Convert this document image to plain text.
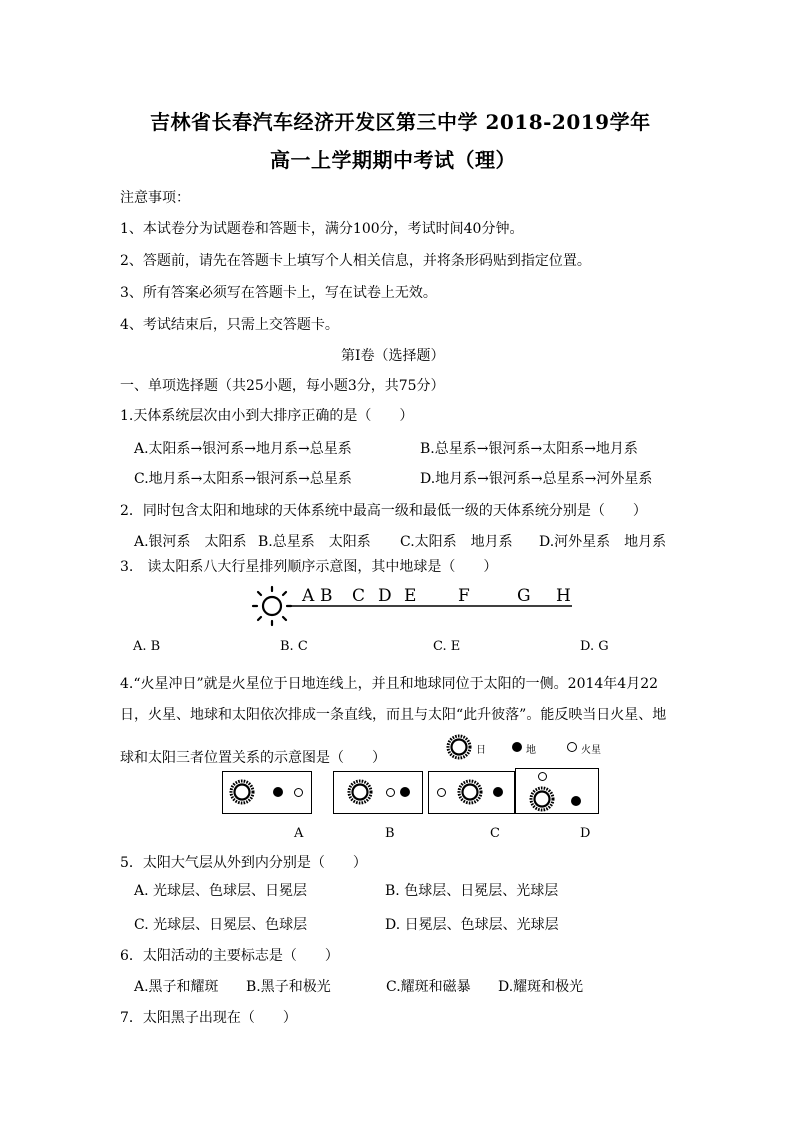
吉林省长春汽车经济开发区第三中学 2018-2019学年
高一上学期期中考试（理）
注意事项：
1、本试卷分为试题卷和答题卡，满分100分，考试时间40分钟。
2、答题前，请先在答题卡上填写个人相关信息，并将条形码贴到指定位置。
3、所有答案必须写在答题卡上，写在试卷上无效。
4、考试结束后，只需上交答题卡。
第Ⅰ卷（选择题）
一、单项选择题（共25小题，每小题3分，共75分）
1.天体系统层次由小到大排序正确的是（　　）
A.太阳系→银河系→地月系→总星系	B.总星系→银河系→太阳系→地月系
C.地月系→太阳系→银河系→总星系	D.地月系→银河系→总星系→河外星系
2．同时包含太阳和地球的天体系统中最高一级和最低一级的天体系统分别是（　　）
A.银河系　太阳系 B.总星系　太阳系 C.太阳系　地月系 D.河外星系　地月系
3.　读太阳系八大行星排列顺序示意图，其中地球是（　　）
A B C D E F	G H
A. B	B. C	C. E	D. G
4.“火星冲日”就是火星位于日地连线上，并且和地球同位于太阳的一侧。2014年4月22
日，火星、地球和太阳依次排成一条直线，而且与太阳“此升彼落”。能反映当日火星、地
球和太阳三者位置关系的示意图是（　　）	日	地	火星
A	B	C	D
5．太阳大气层从外到内分别是（　　）
A. 光球层、色球层、日冕层	B. 色球层、日冕层、光球层
C. 光球层、日冕层、色球层	D. 日冕层、色球层、光球层
6．太阳活动的主要标志是（　　）
A.黑子和耀斑 B.黑子和极光	C.耀斑和磁暴 D.耀斑和极光
7．太阳黑子出现在（　　）
